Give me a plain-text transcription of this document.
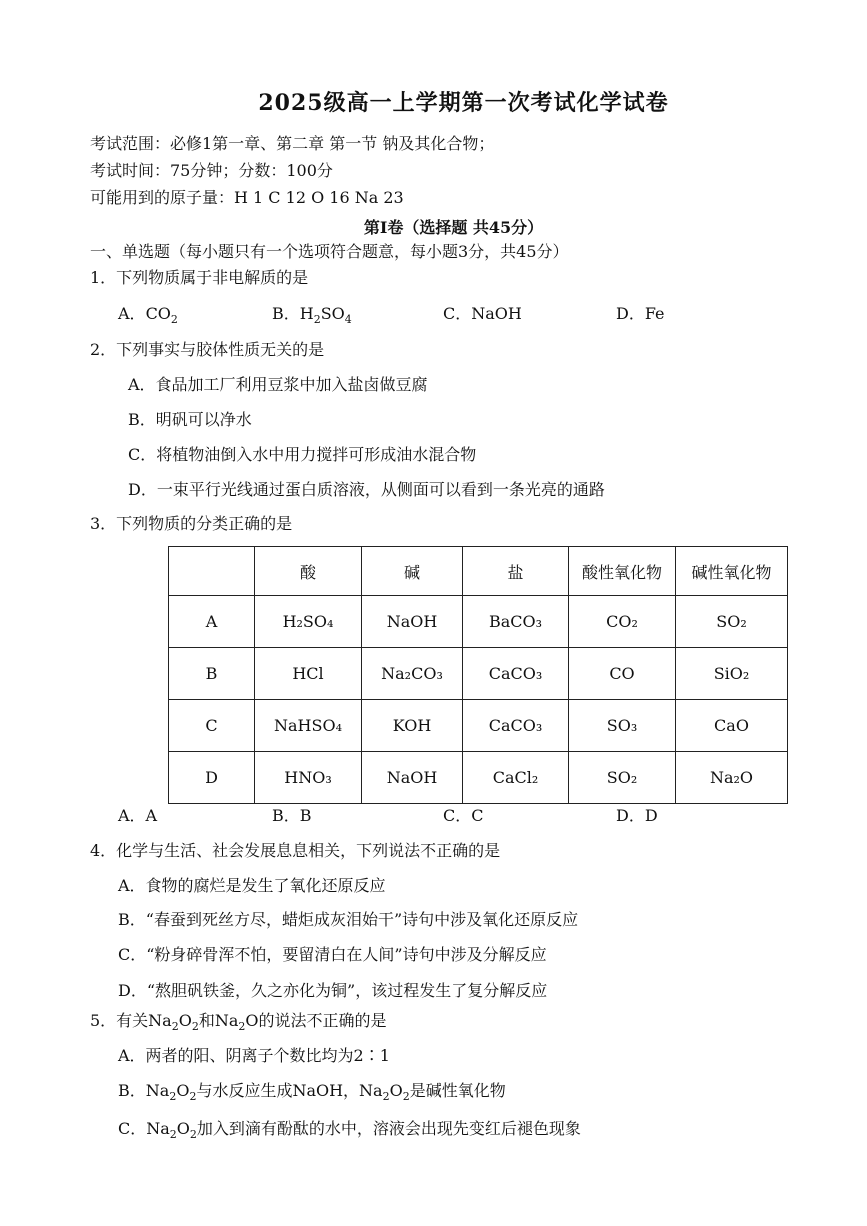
2025级高一上学期第一次考试化学试卷
考试范围：必修1第一章、第二章 第一节 钠及其化合物；
考试时间：75分钟；分数：100分
可能用到的原子量：H 1 C 12 O 16 Na 23
第Ⅰ卷（选择题 共45分）
一、单选题（每小题只有一个选项符合题意，每小题3分，共45分）
1．下列物质属于非电解质的是
A．$CO_2$	B．$H_2SO_4$	C．NaOH	D．Fe
2．下列事实与胶体性质无关的是
A．食品加工厂利用豆浆中加入盐卤做豆腐
B．明矾可以净水
C．将植物油倒入水中用力搅拌可形成油水混合物
D．一束平行光线通过蛋白质溶液，从侧面可以看到一条光亮的通路
3．下列物质的分类正确的是
	酸	碱	盐	酸性氧化物	碱性氧化物
A	H₂SO₄	NaOH	BaCO₃	CO₂	SO₂
B	HCl	Na₂CO₃	CaCO₃	CO	SiO₂
C	NaHSO₄	KOH	CaCO₃	SO₃	CaO
D	HNO₃	NaOH	CaCl₂	SO₂	Na₂O
A．A	B．B	C．C	D．D
4．化学与生活、社会发展息息相关，下列说法不正确的是
A．食物的腐烂是发生了氧化还原反应
B．“春蚕到死丝方尽，蜡炬成灰泪始干”诗句中涉及氧化还原反应
C．“粉身碎骨浑不怕，要留清白在人间”诗句中涉及分解反应
D．“熬胆矾铁釜，久之亦化为铜”，该过程发生了复分解反应
5．有关$Na_2O_2$和$Na_2O$的说法不正确的是
A．两者的阳、阴离子个数比均为2∶1
B．$Na_2O_2$与水反应生成NaOH，$Na_2O_2$是碱性氧化物
C．$Na_2O_2$加入到滴有酚酞的水中，溶液会出现先变红后褪色现象
